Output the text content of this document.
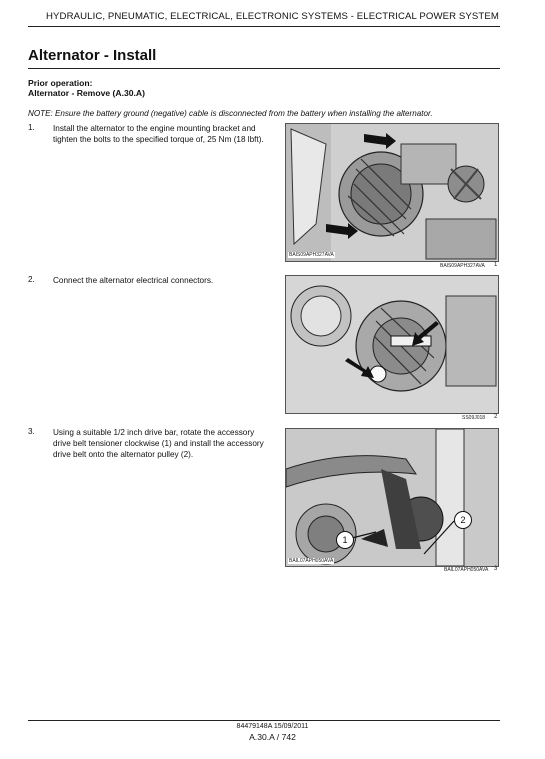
HYDRAULIC, PNEUMATIC, ELECTRICAL, ELECTRONIC SYSTEMS - ELECTRICAL POWER SYSTEM
Alternator - Install
Prior operation:
Alternator - Remove (A.30.A)
NOTE: Ensure the battery ground (negative) cable is disconnected from the battery when installing the alternator.
1. Install the alternator to the engine mounting bracket and tighten the bolts to the specified torque of, 25 Nm (18 lbft).
BAIS09APH327AVA
BAIS09APH327AVA 1
2. Connect the alternator electrical connectors.
SS09J018 2
3. Using a suitable 1/2 inch drive bar, rotate the accessory drive belt tensioner clockwise (1) and install the accessory drive belt onto the alternator pulley (2).
1
2
BAIL07APH050AVA
BAIL07APH050AVA 3
84479148A 15/09/2011
A.30.A / 742
